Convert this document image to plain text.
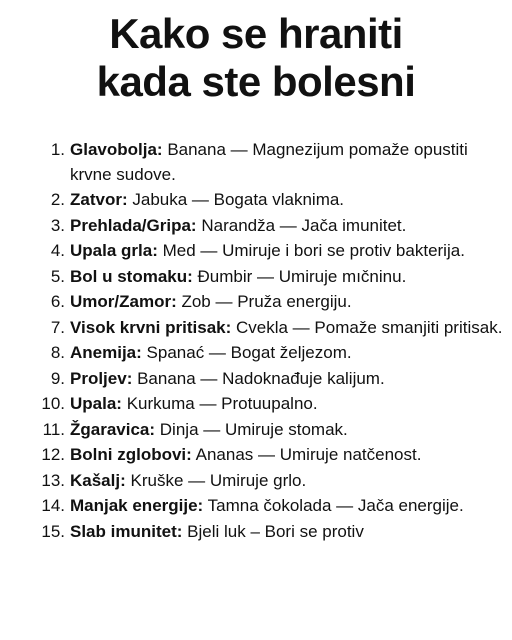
Kako se hraniti
kada ste bolesni
1. Glavobolja: Banana — Magnezijum pomaže opustiti krvne sudove.
2. Zatvor: Jabuka — Bogata vlaknima.
3. Prehlada/Gripa: Narandža — Jača imunitet.
4. Upala grla: Med — Umiruje i bori se protiv bakterija.
5. Bol u stomaku: Đumbir — Umiruje mıčninu.
6. Umor/Zamor: Zob — Pruža energiju.
7. Visok krvni pritisak: Cvekla — Pomaže smanjiti pritisak.
8. Anemija: Spanać — Bogat željezom.
9. Proljev: Banana — Nadoknađuje kalijum.
10. Upala: Kurkuma — Protuupalno.
11. Žgaravica: Dinja — Umiruje stomak.
12. Bolni zglobovi: Ananas — Umiruje natčenost.
13. Kašalj: Kruške — Umiruje grlo.
14. Manjak energije: Tamna čokolada — Jača energije.
15. Slab imunitet: Bjeli luk – Bori se protiv
